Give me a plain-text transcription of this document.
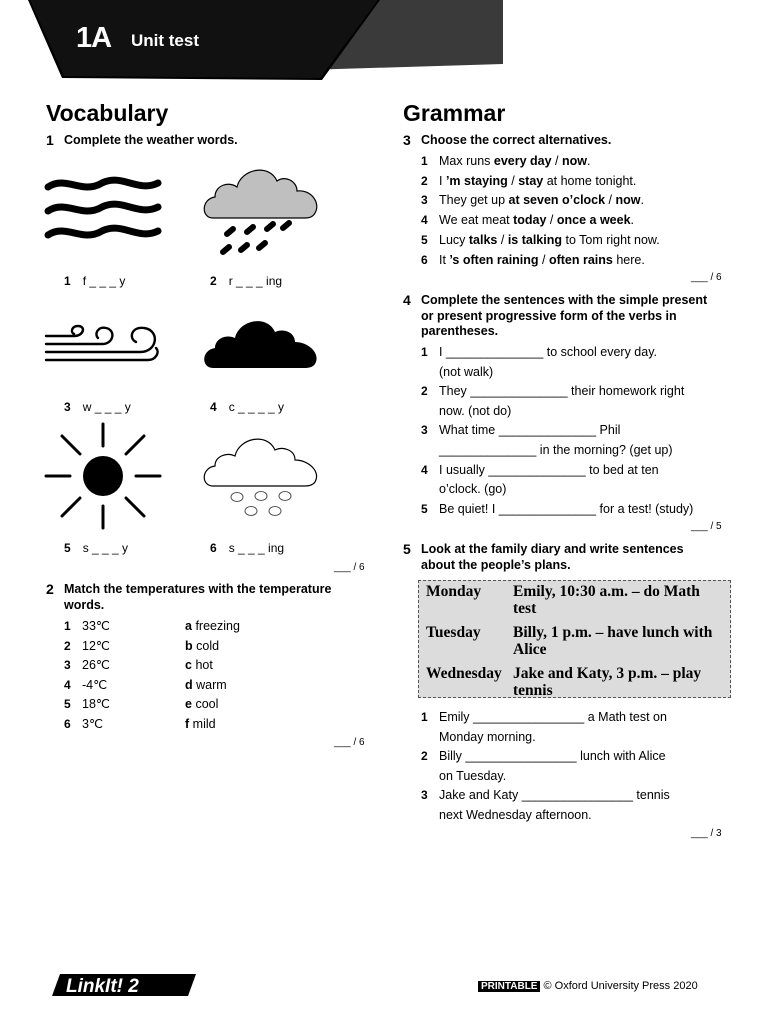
1A Unit test
Vocabulary
1 Complete the weather words.
1 f _ _ _ y	2 r _ _ _ ing
3 w _ _ _ y	4 c _ _ _ _ y
5 s _ _ _ y	6 s _ _ _ ing
___ / 6
2 Match the temperatures with the temperature words.
1 33℃	a freezing
2 12℃	b cold
3 26℃	c hot
4 -4℃	d warm
5 18℃	e cool
6 3℃	f mild
___ / 6
Grammar
3 Choose the correct alternatives.
1 Max runs every day / now.
2 I ’m staying / stay at home tonight.
3 They get up at seven o’clock / now.
4 We eat meat today / once a week.
5 Lucy talks / is talking to Tom right now.
6 It ’s often raining / often rains here.
___ / 6
4 Complete the sentences with the simple present
or present progressive form of the verbs in
parentheses.
1 I ______________ to school every day.
(not walk)
2 They ______________ their homework right
now. (not do)
3 What time ______________ Phil
______________ in the morning? (get up)
4 I usually ______________ to bed at ten
o’clock. (go)
5 Be quiet! I ______________ for a test! (study)
___ / 5
5 Look at the family diary and write sentences
about the people’s plans.
Monday Emily, 10:30 a.m. – do Math
test
Tuesday Billy, 1 p.m. – have lunch with
Alice
Wednesday Jake and Katy, 3 p.m. – play
tennis
1 Emily ________________ a Math test on
Monday morning.
2 Billy ________________ lunch with Alice
on Tuesday.
3 Jake and Katy ________________ tennis
next Wednesday afternoon.
___ / 3
LinkIt! 2	PRINTABLE © Oxford University Press 2020
